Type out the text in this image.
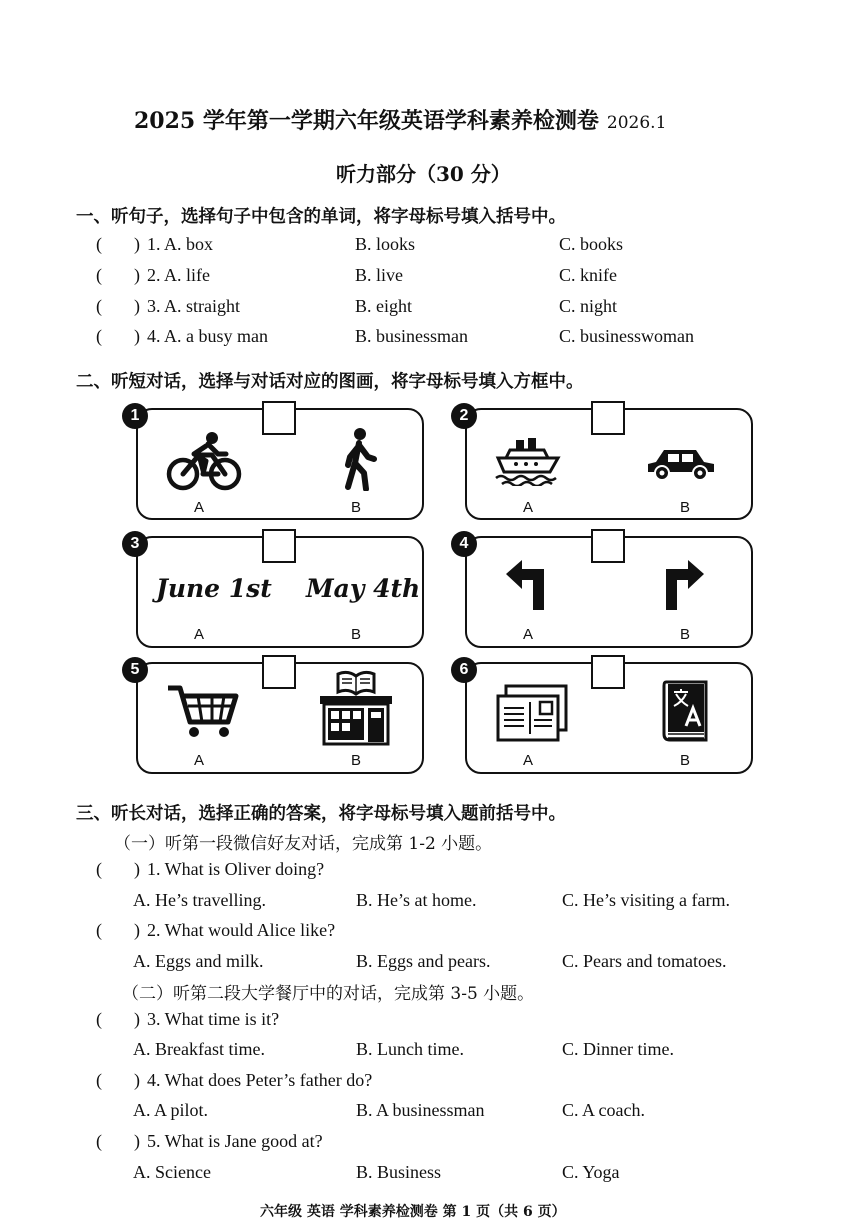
2025 学年第一学期六年级英语学科素养检测卷 2026.1
听力部分（30 分）
一、听句子，选择句子中包含的单词，将字母标号填入括号中。
( ) 1. A. box	B. looks	C. books
( ) 2. A. life	B. live	C. knife
( ) 3. A. straight	B. eight	C. night
( ) 4. A. a busy man	B. businessman	C. businesswoman
二、听短对话，选择与对话对应的图画，将字母标号填入方框中。
1
A	B
2
A	B
3
June 1st May 4th
A	B
4
A	B
5
A	B
6
A	B
三、听长对话，选择正确的答案，将字母标号填入题前括号中。
（一）听第一段微信好友对话，完成第 1-2 小题。
( ) 1. What is Oliver doing?
A. He’s travelling.	B. He’s at home.	C. He’s visiting a farm.
( ) 2. What would Alice like?
A. Eggs and milk.	B. Eggs and pears.	C. Pears and tomatoes.
（二）听第二段大学餐厅中的对话，完成第 3-5 小题。
( ) 3. What time is it?
A. Breakfast time.	B. Lunch time.	C. Dinner time.
( ) 4. What does Peter’s father do?
A. A pilot.	B. A businessman	C. A coach.
( ) 5. What is Jane good at?
A. Science	B. Business	C. Yoga
六年级 英语 学科素养检测卷 第 1 页（共 6 页）
